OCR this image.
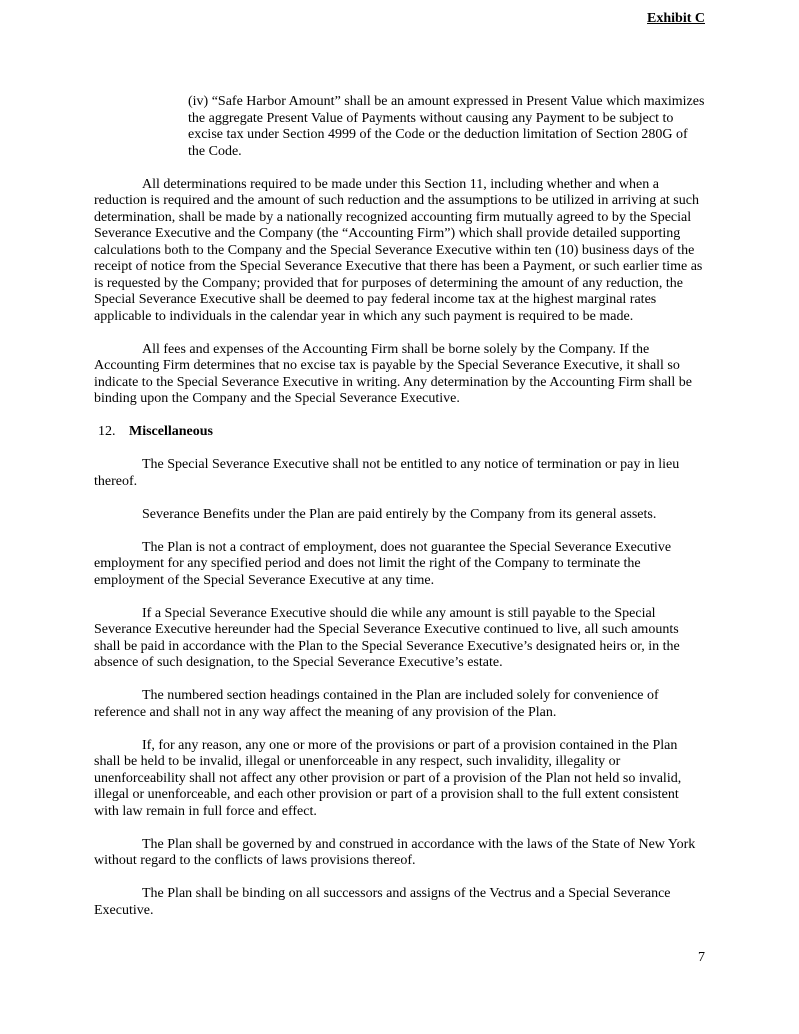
Exhibit C

(iv) “Safe Harbor Amount” shall be an amount expressed in Present Value which maximizes the aggregate Present Value of Payments without causing any Payment to be subject to excise tax under Section 4999 of the Code or the deduction limitation of Section 280G of the Code.

All determinations required to be made under this Section 11, including whether and when a reduction is required and the amount of such reduction and the assumptions to be utilized in arriving at such determination, shall be made by a nationally recognized accounting firm mutually agreed to by the Special Severance Executive and the Company (the “Accounting Firm”) which shall provide detailed supporting calculations both to the Company and the Special Severance Executive within ten (10) business days of the receipt of notice from the Special Severance Executive that there has been a Payment, or such earlier time as is requested by the Company; provided that for purposes of determining the amount of any reduction, the Special Severance Executive shall be deemed to pay federal income tax at the highest marginal rates applicable to individuals in the calendar year in which any such payment is required to be made.

All fees and expenses of the Accounting Firm shall be borne solely by the Company. If the Accounting Firm determines that no excise tax is payable by the Special Severance Executive, it shall so indicate to the Special Severance Executive in writing. Any determination by the Accounting Firm shall be binding upon the Company and the Special Severance Executive.

12. Miscellaneous

The Special Severance Executive shall not be entitled to any notice of termination or pay in lieu thereof.

Severance Benefits under the Plan are paid entirely by the Company from its general assets.

The Plan is not a contract of employment, does not guarantee the Special Severance Executive employment for any specified period and does not limit the right of the Company to terminate the employment of the Special Severance Executive at any time.

If a Special Severance Executive should die while any amount is still payable to the Special Severance Executive hereunder had the Special Severance Executive continued to live, all such amounts shall be paid in accordance with the Plan to the Special Severance Executive’s designated heirs or, in the absence of such designation, to the Special Severance Executive’s estate.

The numbered section headings contained in the Plan are included solely for convenience of reference and shall not in any way affect the meaning of any provision of the Plan.

If, for any reason, any one or more of the provisions or part of a provision contained in the Plan shall be held to be invalid, illegal or unenforceable in any respect, such invalidity, illegality or unenforceability shall not affect any other provision or part of a provision of the Plan not held so invalid, illegal or unenforceable, and each other provision or part of a provision shall to the full extent consistent with law remain in full force and effect.

The Plan shall be governed by and construed in accordance with the laws of the State of New York without regard to the conflicts of laws provisions thereof.

The Plan shall be binding on all successors and assigns of the Vectrus and a Special Severance Executive.

7
